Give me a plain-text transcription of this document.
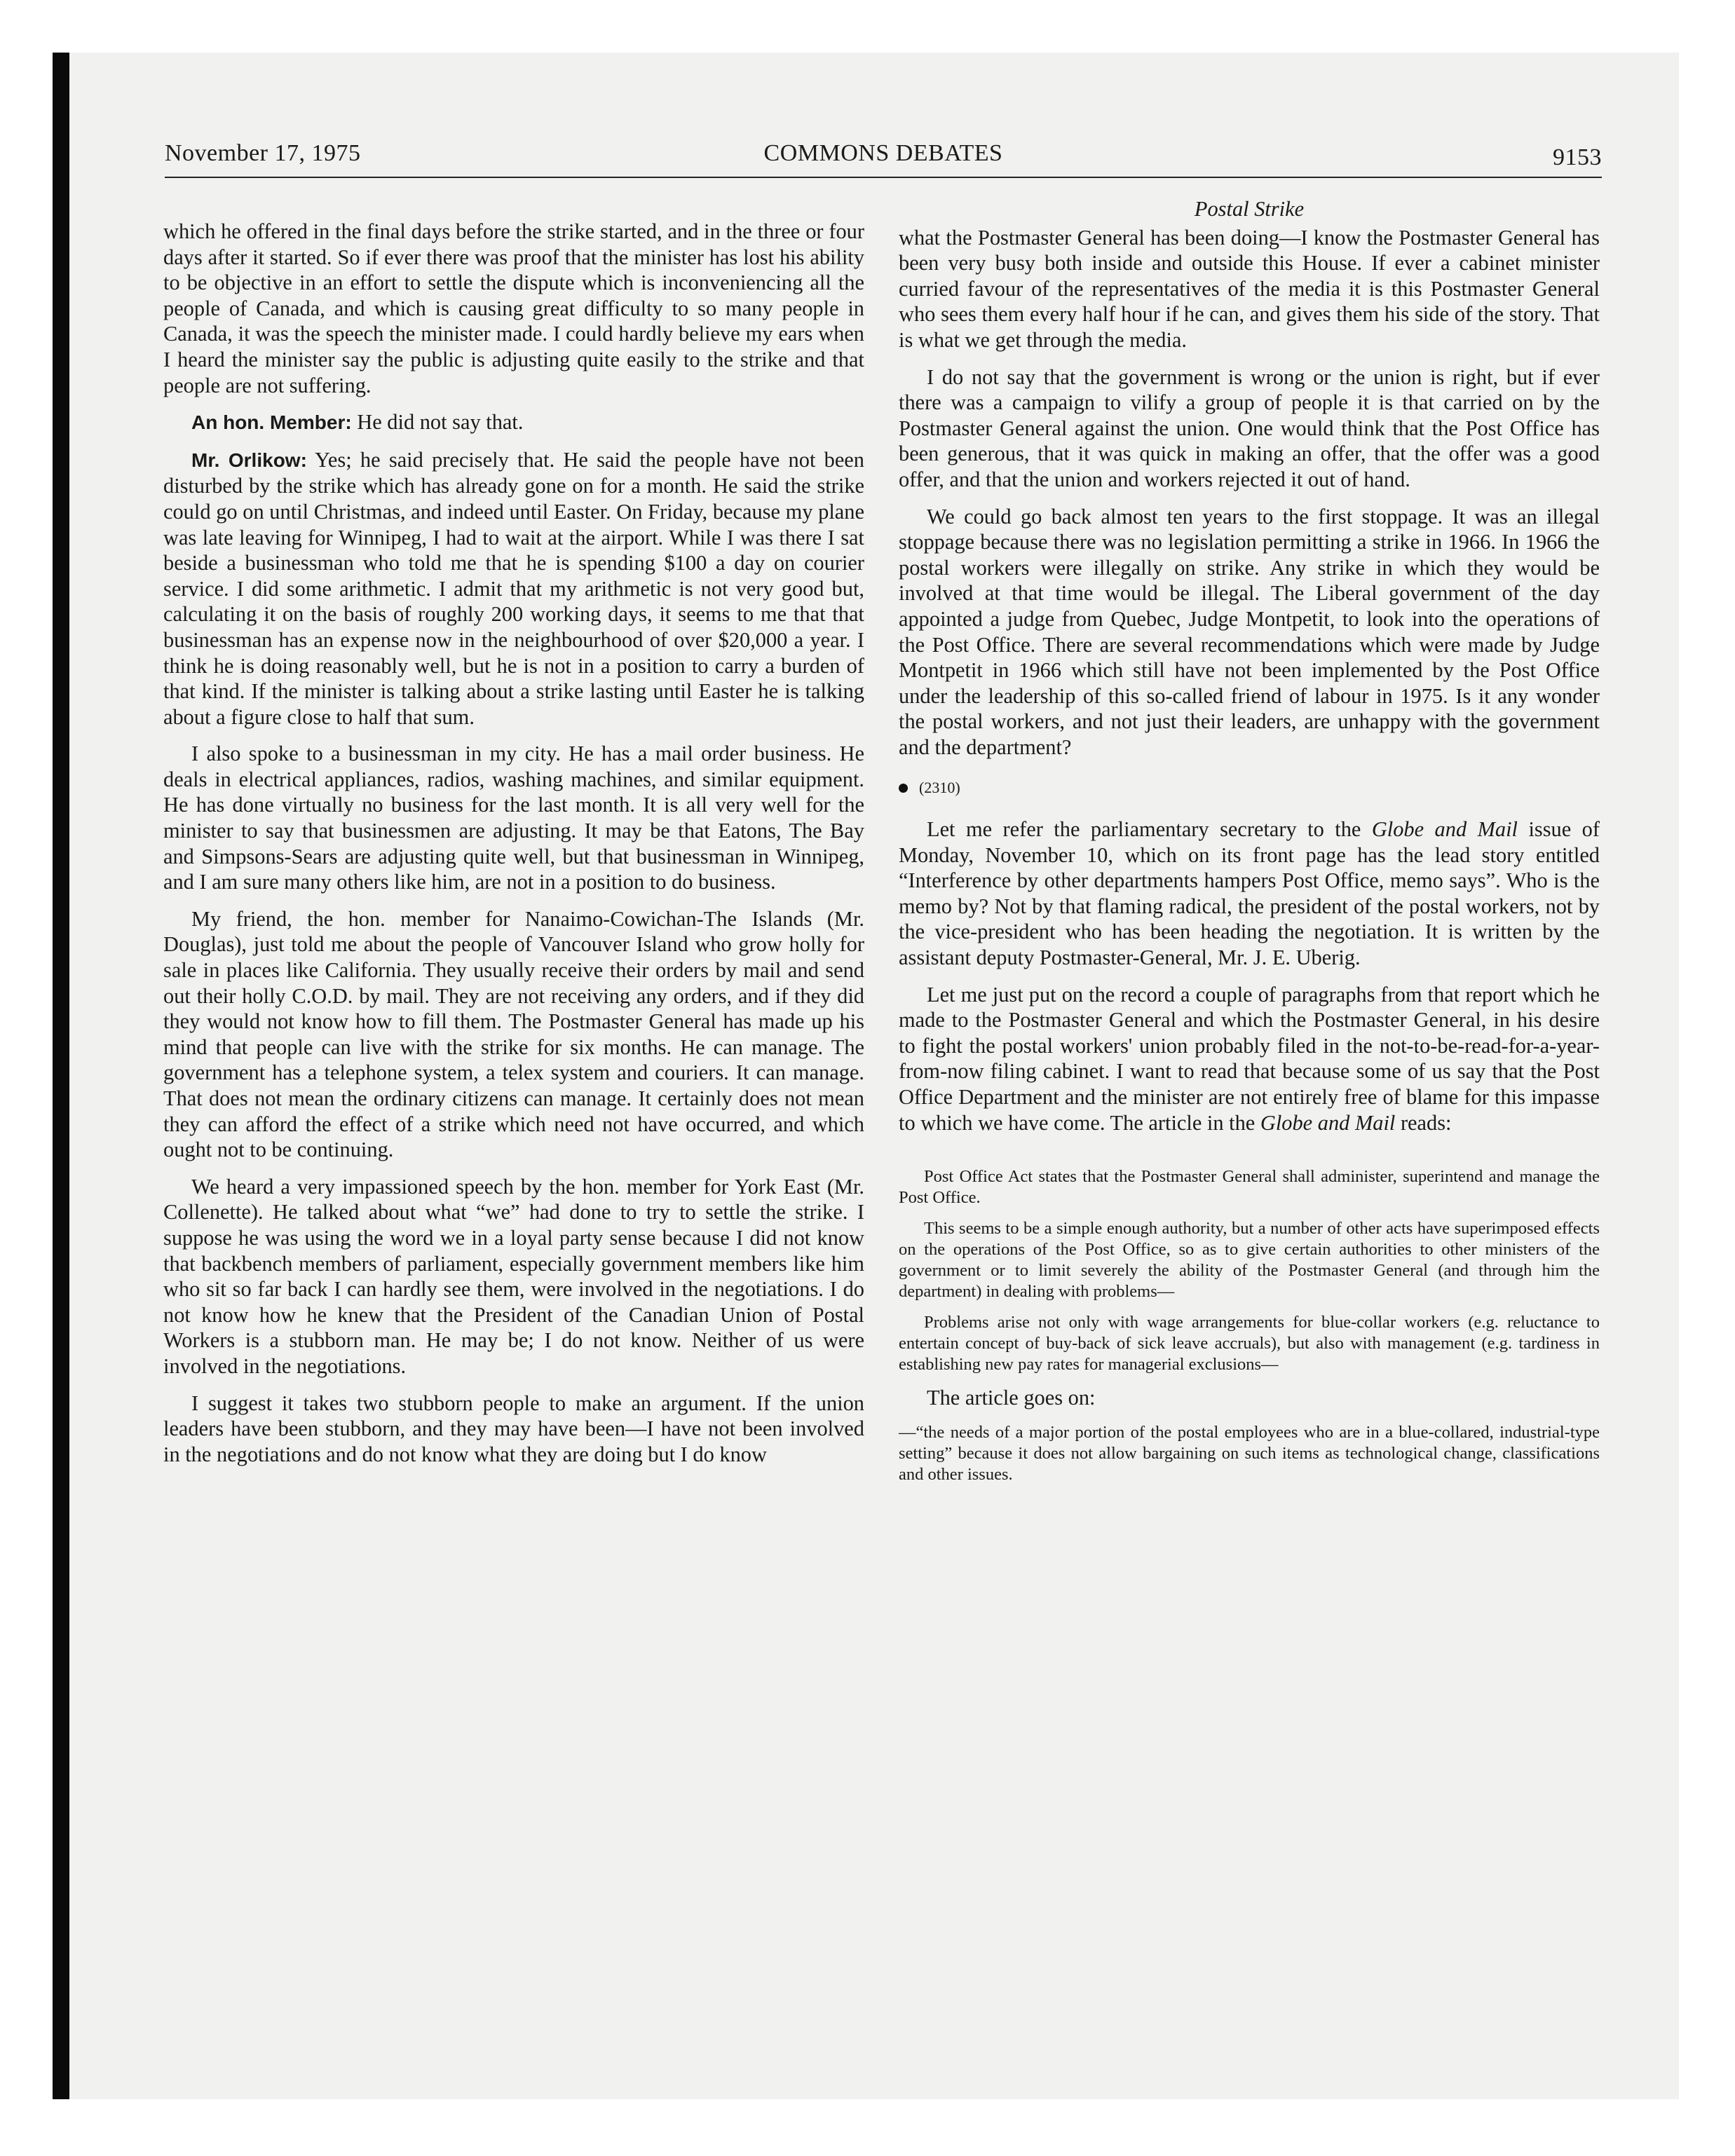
November 17, 1975	COMMONS DEBATES	9153

which he offered in the final days before the strike started, and in the three or four days after it started. So if ever there was proof that the minister has lost his ability to be objective in an effort to settle the dispute which is inconveniencing all the people of Canada, and which is causing great difficulty to so many people in Canada, it was the speech the minister made. I could hardly believe my ears when I heard the minister say the public is adjusting quite easily to the strike and that people are not suffering.

An hon. Member: He did not say that.

Mr. Orlikow: Yes; he said precisely that. He said the people have not been disturbed by the strike which has already gone on for a month. He said the strike could go on until Christmas, and indeed until Easter. On Friday, because my plane was late leaving for Winnipeg, I had to wait at the airport. While I was there I sat beside a businessman who told me that he is spending $100 a day on courier service. I did some arithmetic. I admit that my arithmetic is not very good but, calculating it on the basis of roughly 200 working days, it seems to me that that businessman has an expense now in the neighbourhood of over $20,000 a year. I think he is doing reasonably well, but he is not in a position to carry a burden of that kind. If the minister is talking about a strike lasting until Easter he is talking about a figure close to half that sum.

I also spoke to a businessman in my city. He has a mail order business. He deals in electrical appliances, radios, washing machines, and similar equipment. He has done virtually no business for the last month. It is all very well for the minister to say that businessmen are adjusting. It may be that Eatons, The Bay and Simpsons-Sears are adjusting quite well, but that businessman in Winnipeg, and I am sure many others like him, are not in a position to do business.

My friend, the hon. member for Nanaimo-Cowichan-The Islands (Mr. Douglas), just told me about the people of Vancouver Island who grow holly for sale in places like California. They usually receive their orders by mail and send out their holly C.O.D. by mail. They are not receiving any orders, and if they did they would not know how to fill them. The Postmaster General has made up his mind that people can live with the strike for six months. He can manage. The government has a telephone system, a telex system and couriers. It can manage. That does not mean the ordinary citizens can manage. It certainly does not mean they can afford the effect of a strike which need not have occurred, and which ought not to be continuing.

We heard a very impassioned speech by the hon. member for York East (Mr. Collenette). He talked about what “we” had done to try to settle the strike. I suppose he was using the word we in a loyal party sense because I did not know that backbench members of parliament, especially government members like him who sit so far back I can hardly see them, were involved in the negotiations. I do not know how he knew that the President of the Canadian Union of Postal Workers is a stubborn man. He may be; I do not know. Neither of us were involved in the negotiations.

I suggest it takes two stubborn people to make an argument. If the union leaders have been stubborn, and they may have been—I have not been involved in the negotiations and do not know what they are doing but I do know

Postal Strike

what the Postmaster General has been doing—I know the Postmaster General has been very busy both inside and outside this House. If ever a cabinet minister curried favour of the representatives of the media it is this Postmaster General who sees them every half hour if he can, and gives them his side of the story. That is what we get through the media.

I do not say that the government is wrong or the union is right, but if ever there was a campaign to vilify a group of people it is that carried on by the Postmaster General against the union. One would think that the Post Office has been generous, that it was quick in making an offer, that the offer was a good offer, and that the union and workers rejected it out of hand.

We could go back almost ten years to the first stoppage. It was an illegal stoppage because there was no legislation permitting a strike in 1966. In 1966 the postal workers were illegally on strike. Any strike in which they would be involved at that time would be illegal. The Liberal government of the day appointed a judge from Quebec, Judge Montpetit, to look into the operations of the Post Office. There are several recommendations which were made by Judge Montpetit in 1966 which still have not been implemented by the Post Office under the leadership of this so-called friend of labour in 1975. Is it any wonder the postal workers, and not just their leaders, are unhappy with the government and the department?

(2310)

Let me refer the parliamentary secretary to the Globe and Mail issue of Monday, November 10, which on its front page has the lead story entitled “Interference by other departments hampers Post Office, memo says”. Who is the memo by? Not by that flaming radical, the president of the postal workers, not by the vice-president who has been heading the negotiation. It is written by the assistant deputy Postmaster-General, Mr. J. E. Uberig.

Let me just put on the record a couple of paragraphs from that report which he made to the Postmaster General and which the Postmaster General, in his desire to fight the postal workers' union probably filed in the not-to-be-read-for-a-year-from-now filing cabinet. I want to read that because some of us say that the Post Office Department and the minister are not entirely free of blame for this impasse to which we have come. The article in the Globe and Mail reads:

Post Office Act states that the Postmaster General shall administer, superintend and manage the Post Office.

This seems to be a simple enough authority, but a number of other acts have superimposed effects on the operations of the Post Office, so as to give certain authorities to other ministers of the government or to limit severely the ability of the Postmaster General (and through him the department) in dealing with problems—

Problems arise not only with wage arrangements for blue-collar workers (e.g. reluctance to entertain concept of buy-back of sick leave accruals), but also with management (e.g. tardiness in establishing new pay rates for managerial exclusions—

The article goes on:

—“the needs of a major portion of the postal employees who are in a blue-collared, industrial-type setting” because it does not allow bargaining on such items as technological change, classifications and other issues.
